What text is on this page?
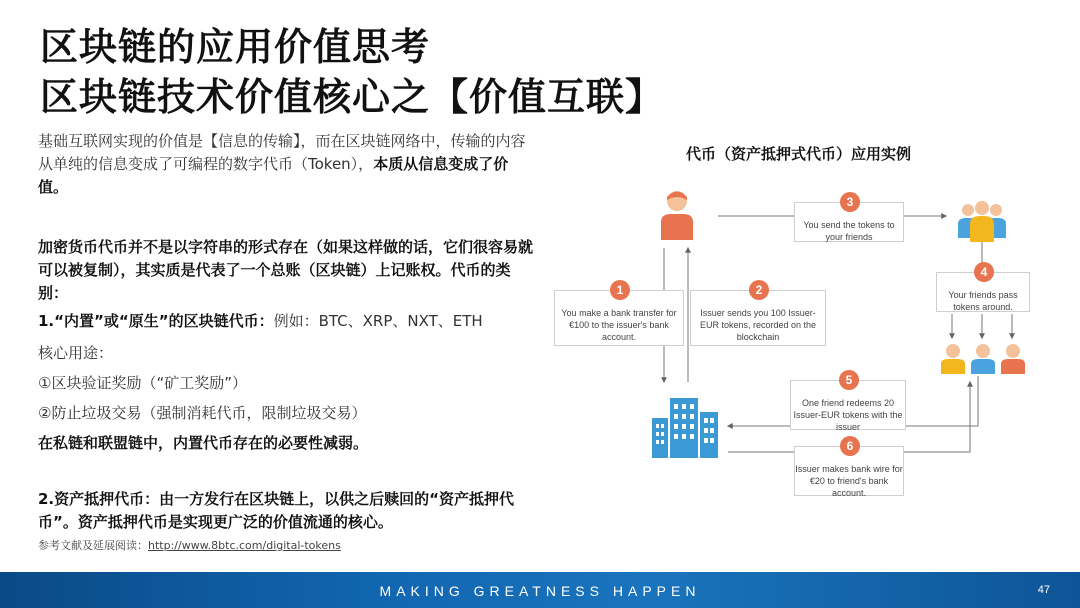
区块链的应用价值思考
区块链技术价值核心之【价值互联】
基础互联网实现的价值是【信息的传输】，而在区块链网络中，传输的内容从单纯的信息变成了可编程的数字代币（Token），本质从信息变成了价值。
加密货币代币并不是以字符串的形式存在（如果这样做的话，它们很容易就可以被复制），其实质是代表了一个总账（区块链）上记账权。代币的类别：
1.“内置”或“原生”的区块链代币：例如：BTC、XRP、NXT、ETH
核心用途：
①区块验证奖励（“矿工奖励”）
②防止垃圾交易（强制消耗代币，限制垃圾交易）
在私链和联盟链中，内置代币存在的必要性减弱。
2.资产抵押代币：由一方发行在区块链上，以供之后赎回的“资产抵押代币”。资产抵押代币是实现更广泛的价值流通的核心。
参考文献及延展阅读：http://www.8btc.com/digital-tokens
代币（资产抵押式代币）应用实例
1
You make a bank transfer for €100 to the issuer's bank account.
2
Issuer sends you 100 Issuer-EUR tokens, recorded on the blockchain
3
You send the tokens to your friends
4
Your friends pass tokens around.
5
One friend redeems 20 Issuer-EUR tokens with the issuer
6
Issuer makes bank wire for €20 to friend's bank account.
MAKING GREATNESS HAPPEN	47
